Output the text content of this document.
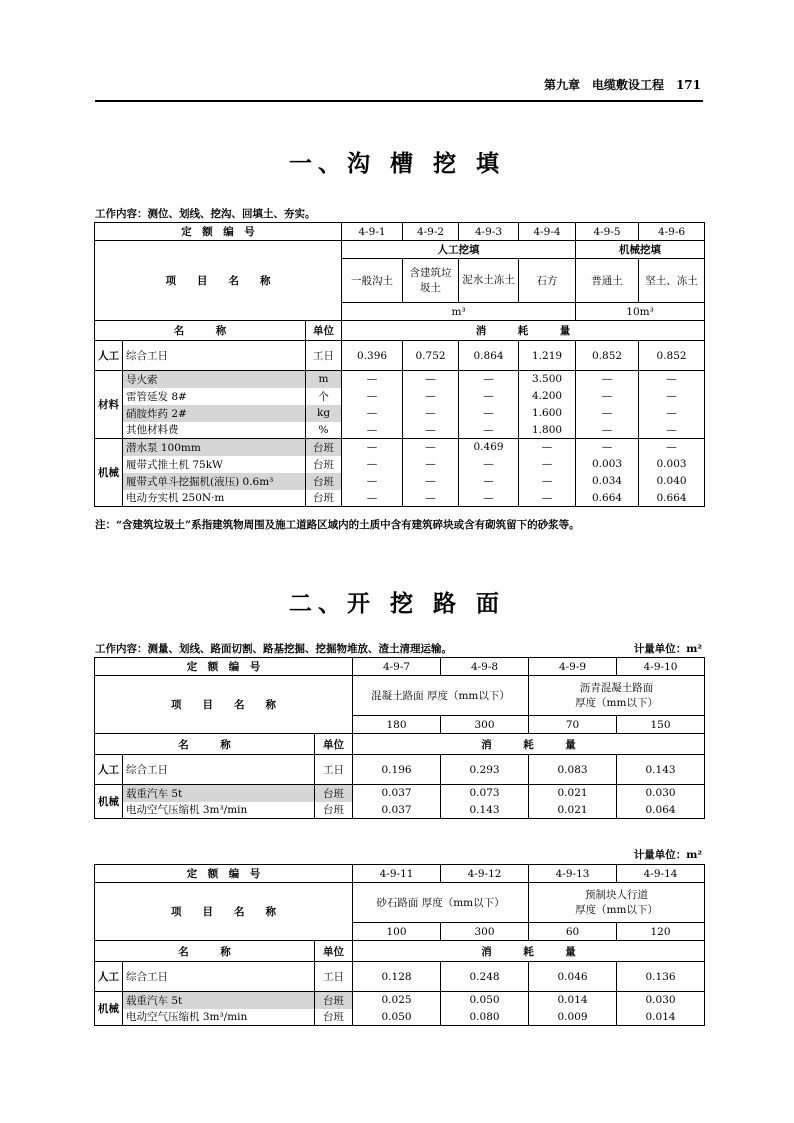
第九章　电缆敷设工程　171
一、沟 槽 挖 填
工作内容：测位、划线、挖沟、回填土、夯实。
定　额　编　号			4-9-1	4-9-2	4-9-3	4-9-4	4-9-5	4-9-6
项　　目　　名　　称			人工挖填				机械挖填	
			一般沟土	含建筑垃圾土	泥水土冻土	石方	普通土	坚土、冻土
			m³				10m³	
名　　　称		单位	消　　　耗　　　量					
人工	综合工日	工日	0.396	0.752	0.864	1.219	0.852	0.852
材料	导火索	m	—	—	—	3.500	—	—
	雷管延发 8#	个	—	—	—	4.200	—	—
	硝胺炸药 2#	kg	—	—	—	1.600	—	—
	其他材料费	%	—	—	—	1.800	—	—
机械	潜水泵 100mm	台班	—	—	0.469	—	—	—
	履带式推土机 75kW	台班	—	—	—	—	0.003	0.003
	履带式单斗挖掘机(液压) 0.6m³	台班	—	—	—	—	0.034	0.040
	电动夯实机 250N·m	台班	—	—	—	—	0.664	0.664
注：“含建筑垃圾土”系指建筑物周围及施工道路区域内的土质中含有建筑碎块或含有砌筑留下的砂浆等。
二、开 挖 路 面
工作内容：测量、划线、路面切割、路基挖掘、挖掘物堆放、渣土清理运输。	计量单位：m²
定　额　编　号			4-9-7	4-9-8	4-9-9	4-9-10
项　　目　　名　　称			混凝土路面 厚度（mm以下）		沥青混凝土路面
厚度（mm以下）	
			180	300	70	150
名　　　称		单位	消　　　耗　　　量			
人工	综合工日	工日	0.196	0.293	0.083	0.143
机械	载重汽车 5t	台班	0.037	0.073	0.021	0.030
	电动空气压缩机 3m³/min	台班	0.037	0.143	0.021	0.064
计量单位：m²
定　额　编　号			4-9-11	4-9-12	4-9-13	4-9-14
项　　目　　名　　称			砂石路面 厚度（mm以下）		预制块人行道
厚度（mm以下）	
			100	300	60	120
名　　　称		单位	消　　　耗　　　量			
人工	综合工日	工日	0.128	0.248	0.046	0.136
机械	载重汽车 5t	台班	0.025	0.050	0.014	0.030
	电动空气压缩机 3m³/min	台班	0.050	0.080	0.009	0.014
